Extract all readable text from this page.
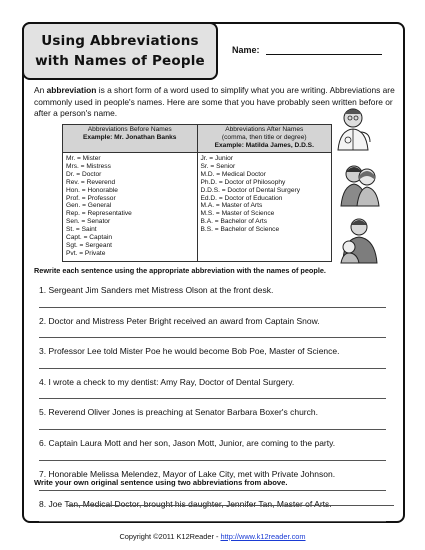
Using Abbreviations
with Names of People
Name:
An abbreviation is a short form of a word used to simplify what you are writing. Abbreviations are commonly used in people's names. Here are some that you have probably seen written before or after a person's name.
Abbreviations Before Names
Example: Mr. Jonathan Banks
Abbreviations After Names
(comma, then title or degree)
Example: Matilda James, D.D.S.
Mr. = Mister
Mrs. = Mistress
Dr. = Doctor
Rev. = Reverend
Hon. = Honorable
Prof. = Professor
Gen. = General
Rep. = Representative
Sen. = Senator
St. = Saint
Capt. = Captain
Sgt. = Sergeant
Pvt. = Private
Jr. = Junior
Sr. = Senior
M.D. = Medical Doctor
Ph.D. = Doctor of Philosophy
D.D.S. = Doctor of Dental Surgery
Ed.D. = Doctor of Education
M.A. = Master of Arts
M.S. = Master of Science
B.A. = Bachelor of Arts
B.S. = Bachelor of Science
Rewrite each sentence using the appropriate abbreviation with the names of people.
1. Sergeant Jim Sanders met Mistress Olson at the front desk.
2. Doctor and Mistress Peter Bright received an award from Captain Snow.
3. Professor Lee told Mister Poe he would become Bob Poe, Master of Science.
4. I wrote a check to my dentist: Amy Ray, Doctor of Dental Surgery.
5. Reverend Oliver Jones is preaching at Senator Barbara Boxer's church.
6. Captain Laura Mott and her son, Jason Mott, Junior, are coming to the party.
7. Honorable Melissa Melendez, Mayor of Lake City, met with Private Johnson.
8. Joe Tan, Medical Doctor, brought his daughter, Jennifer Tan, Master of Arts.
Write your own original sentence using two abbreviations from above.
Copyright ©2011 K12Reader - http://www.k12reader.com
